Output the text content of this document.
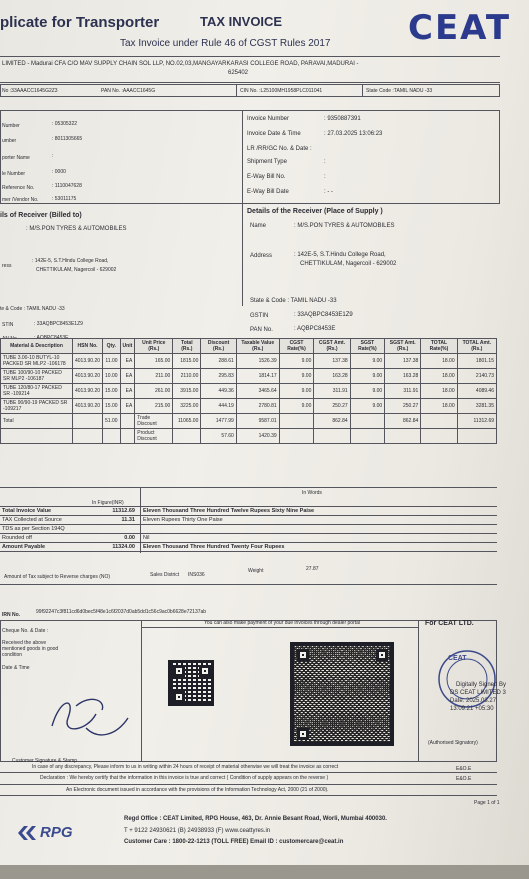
plicate for Transporter	TAX INVOICE
Tax Invoice under Rule 46 of CGST Rules 2017 CEAT
LIMITED - Madurai CFA C/O MAV SUPPLY CHAIN SOL LLP, NO.02,03,MANGAYARKARASI COLLEGE ROAD, PARAVAI,MADURAI -
625402
No :33AAACC1645G2Z3	PAN No. :AAACC1645G	CIN No. :L25100MH1958PLC011041	State Code :TAMIL NADU -33
Number	: 05305322
umber	: 8011305665
porter Name	:
le Number	: 0000
Reference No.	: 1110047628
mer /Vendor No.	: 53011175
Invoice Number	: 9350887391
Invoice Date & Time	: 27.03.2025 13:06:23
LR /RR/GC No. & Date :
Shipment Type	:
E-Way Bill No.	:
E-Way Bill Date	: - -
ils of Receiver (Billed to)
: M/S.PON TYRES & AUTOMOBILES
ress
: 142E-5, S.T.Hindu College Road,
CHETTIKULAM, Nagercoil - 629002
te & Code : TAMIL NADU -33
STIN	: 33AQBPC8453E1Z9
Details of the Receiver (Place of Supply )
Name	: M/S.PON TYRES & AUTOMOBILES
Address	: 142E-5, S.T.Hindu College Road,
CHETTIKULAM, Nagercoil - 629002
State & Code : TAMIL NADU -33
GSTIN	: 33AQBPC8453E1Z9
PAN No.	: AQBPC8453E
Material & Description	HSN No.	Qty.	Unit	Unit Price (Rs.)	Total (Rs.)	Discount (Rs.)	Taxable Value (Rs.)	CGST Rate(%)	CGST Amt.(Rs.)	SGST Rate(%)	SGST Amt.(Rs.)	TOTAL Rate(%)	TOTAL Amt.(Rs.)
TUBE 3.00-10 BUTYL-10 PACKED SR MLP2 -106178	4013.90.20	11.00	EA	165.00	1815.00	288.61	1526.39	9.00	137.38	9.00	137.38	18.00	1801.15
TUBE 100/90-10 PACKED SR MLP2 -106187	4013.90.20	10.00	EA	211.00	2110.00	295.83	1814.17	9.00	163.28	9.00	163.28	18.00	2140.73
TUBE 120/80-17 PACKED SR -109214	4013.90.20	15.00	EA	261.00	3915.00	449.36	3465.64	9.00	311.91	9.00	311.91	18.00	4089.46
TUBE 90/90-19 PACKED SR -109217	4013.90.20	15.00	EA	215.00	3225.00	444.19	2780.81	9.00	250.27	9.00	250.27	18.00	3281.35
Total		51.00		Trade Discount	11065.00	1477.99	9587.01		862.84		862.84		11312.69
				Product Discount		57.60	1420.39						
In Words
In Figure(INR)
Total Invoice Value	11312.69 Eleven Thousand Three Hundred Twelve Rupees Sixty Nine Paise
TAX Collected at Source	11.31 Eleven Rupees Thirty One Paise
TDS as per Section 194Q
Rounded off	0.00 Nil
Amount Payable	11324.00 Eleven Thousand Three Hundred Twenty Four Rupees
Amount of Tax subject to Reverse charges (NO)	Sales District INS036
Weight	27.87
IRN No.	99f92247c3f811cd6d0bec5f48e1c6f2037d0ab5dd1c56c9ac0b6628e72137ab
Cheque No. & Date :
Received the above mentioned goods in good condition
Date & Time
Customer Signature & Stamp
You can also make payment of your due invoices through dealer portal	For CEAT LTD.
CEAT
Digitally Signed By
DS CEAT LIMITED 3
Date: 2025.03.27
13:09:21 +05:30
(Authorised Signatory)
In case of any discrepancy, Please inform to us in writing within 24 hours of receipt of material otherwise we will treat the invoice as correct	E&O.E
Declaration : We hereby certify that the information in this invoice is true and correct ( Condition of supply appears on the reverse )	E&O.E
An Electronic document issued in accordance with the provisions of the Information Technology Act, 2000 (21 of 2000).
Page 1 of 1
RPG
Regd Office : CEAT Limited, RPG House, 463, Dr. Annie Besant Road, Worli, Mumbai 400030.
T + 9122 24930621 (B) 24938933 (F) www.ceattyres.in
Customer Care : 1800-22-1213 (TOLL FREE) Email ID : customercare@ceat.in
